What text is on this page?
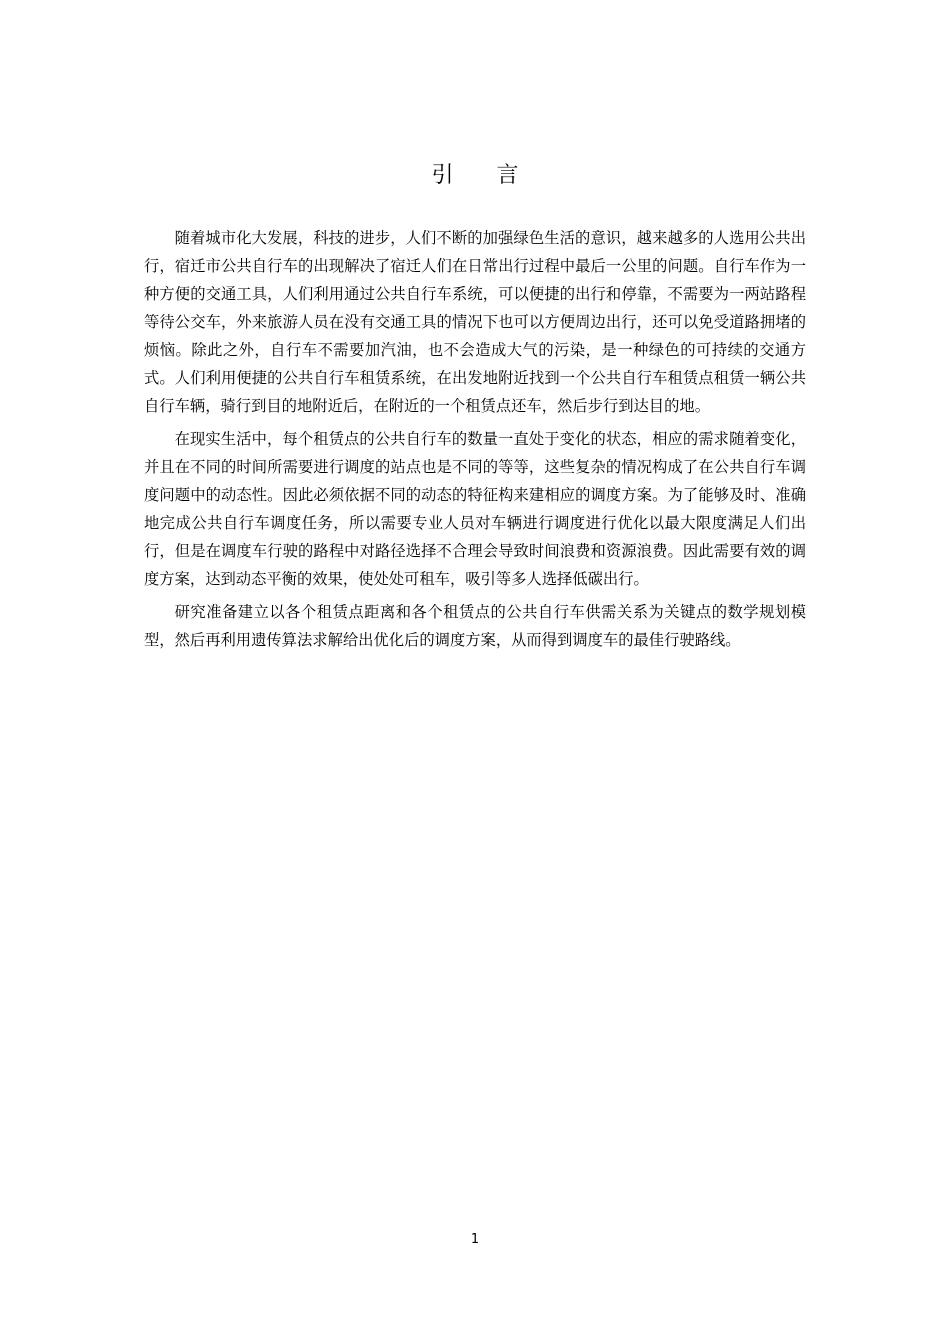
引 言

随着城市化大发展，科技的进步，人们不断的加强绿色生活的意识，越来越多的人选用公共出行，宿迁市公共自行车的出现解决了宿迁人们在日常出行过程中最后一公里的问题。自行车作为一种方便的交通工具，人们利用通过公共自行车系统，可以便捷的出行和停靠，不需要为一两站路程等待公交车，外来旅游人员在没有交通工具的情况下也可以方便周边出行，还可以免受道路拥堵的烦恼。除此之外，自行车不需要加汽油，也不会造成大气的污染，是一种绿色的可持续的交通方式。人们利用便捷的公共自行车租赁系统，在出发地附近找到一个公共自行车租赁点租赁一辆公共自行车辆，骑行到目的地附近后，在附近的一个租赁点还车，然后步行到达目的地。

在现实生活中，每个租赁点的公共自行车的数量一直处于变化的状态，相应的需求随着变化，并且在不同的时间所需要进行调度的站点也是不同的等等，这些复杂的情况构成了在公共自行车调度问题中的动态性。因此必须依据不同的动态的特征构来建相应的调度方案。为了能够及时、准确地完成公共自行车调度任务，所以需要专业人员对车辆进行调度进行优化以最大限度满足人们出行，但是在调度车行驶的路程中对路径选择不合理会导致时间浪费和资源浪费。因此需要有效的调度方案，达到动态平衡的效果，使处处可租车，吸引等多人选择低碳出行。

研究准备建立以各个租赁点距离和各个租赁点的公共自行车供需关系为关键点的数学规划模型，然后再利用遗传算法求解给出优化后的调度方案，从而得到调度车的最佳行驶路线。

1
